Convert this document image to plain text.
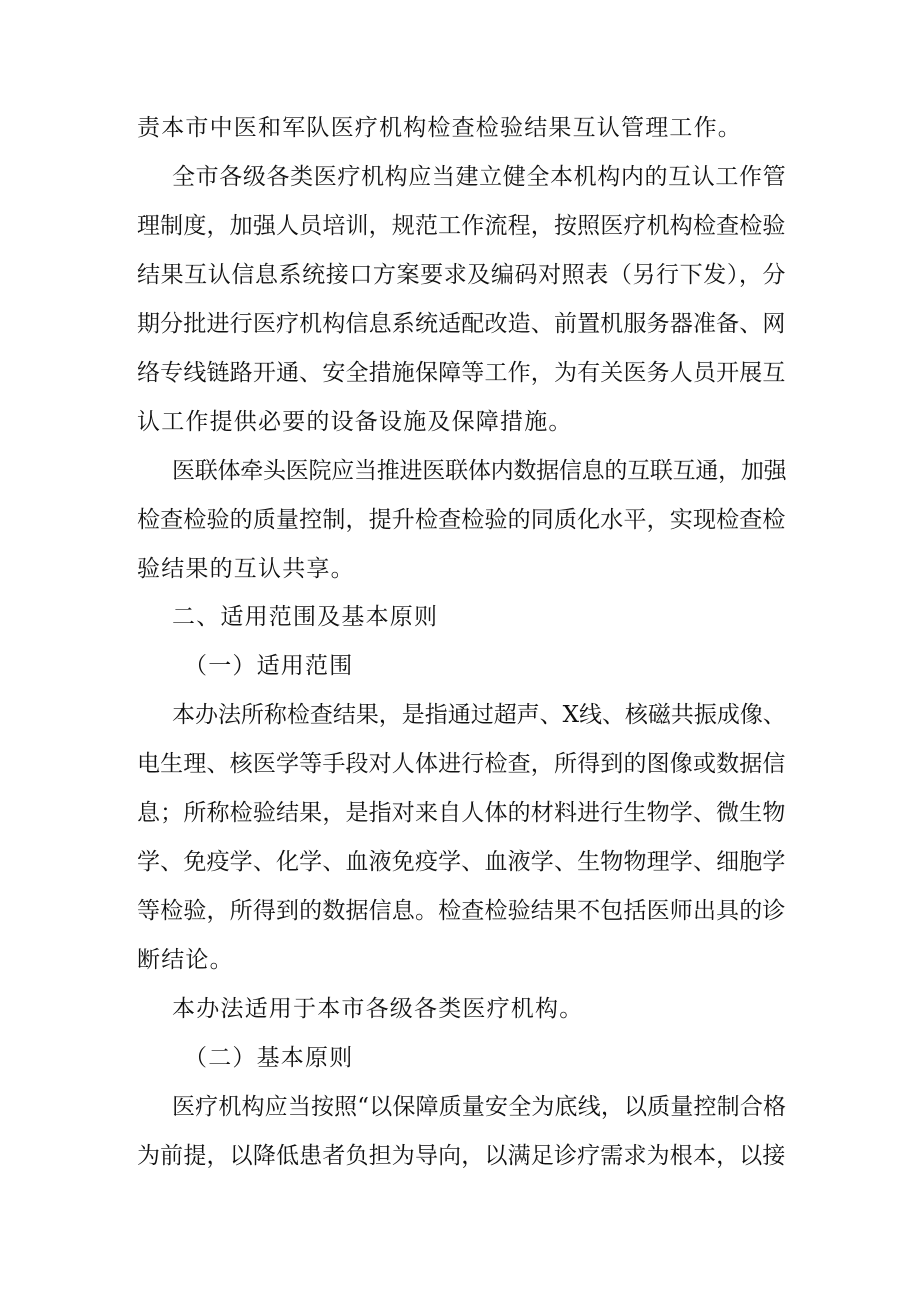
责本市中医和军队医疗机构检查检验结果互认管理工作。
全市各级各类医疗机构应当建立健全本机构内的互认工作管
理制度，加强人员培训，规范工作流程，按照医疗机构检查检验
结果互认信息系统接口方案要求及编码对照表（另行下发），分
期分批进行医疗机构信息系统适配改造、前置机服务器准备、网
络专线链路开通、安全措施保障等工作，为有关医务人员开展互
认工作提供必要的设备设施及保障措施。
医联体牵头医院应当推进医联体内数据信息的互联互通，加强
检查检验的质量控制，提升检查检验的同质化水平，实现检查检
验结果的互认共享。
二、适用范围及基本原则
（一）适用范围
本办法所称检查结果，是指通过超声、X线、核磁共振成像、
电生理、核医学等手段对人体进行检查，所得到的图像或数据信
息；所称检验结果，是指对来自人体的材料进行生物学、微生物
学、免疫学、化学、血液免疫学、血液学、生物物理学、细胞学
等检验，所得到的数据信息。检查检验结果不包括医师出具的诊
断结论。
本办法适用于本市各级各类医疗机构。
（二）基本原则
医疗机构应当按照“以保障质量安全为底线，以质量控制合格
为前提，以降低患者负担为导向，以满足诊疗需求为根本，以接
